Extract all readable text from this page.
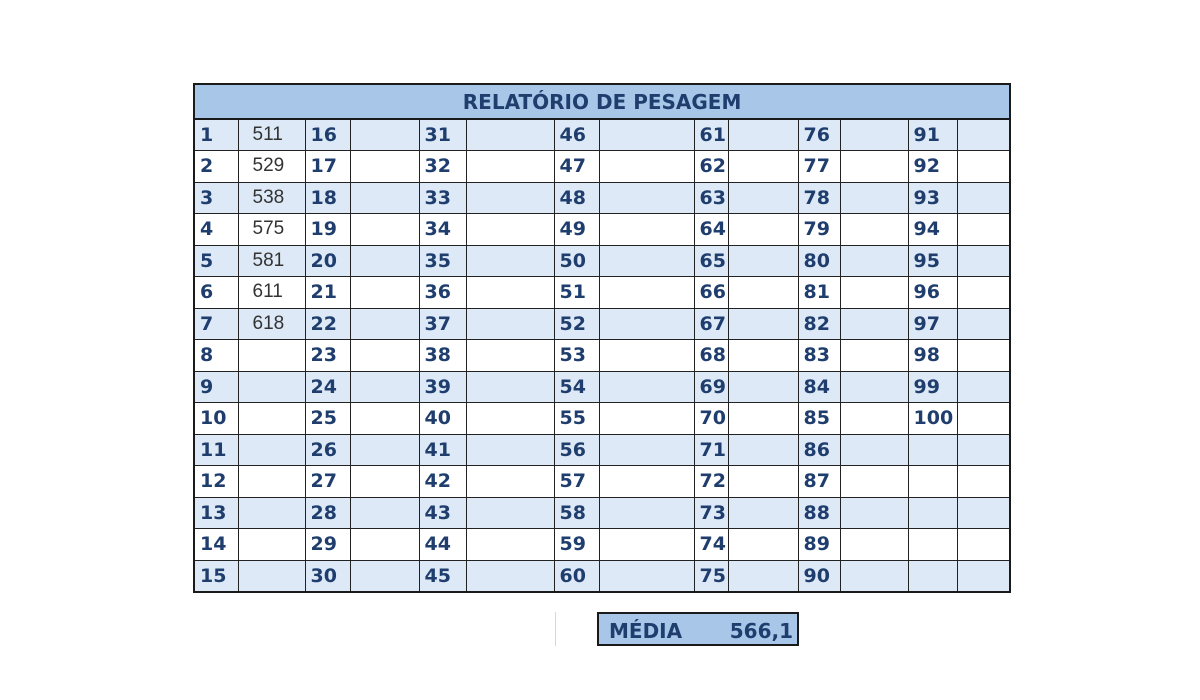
RELATÓRIO DE PESAGEM													
1	511	16		31		46		61		76		91	
2	529	17		32		47		62		77		92	
3	538	18		33		48		63		78		93	
4	575	19		34		49		64		79		94	
5	581	20		35		50		65		80		95	
6	611	21		36		51		66		81		96	
7	618	22		37		52		67		82		97	
8		23		38		53		68		83		98	
9		24		39		54		69		84		99	
10		25		40		55		70		85		100	
11		26		41		56		71		86			
12		27		42		57		72		87			
13		28		43		58		73		88			
14		29		44		59		74		89			
15		30		45		60		75		90			
MÉDIA 566,1
